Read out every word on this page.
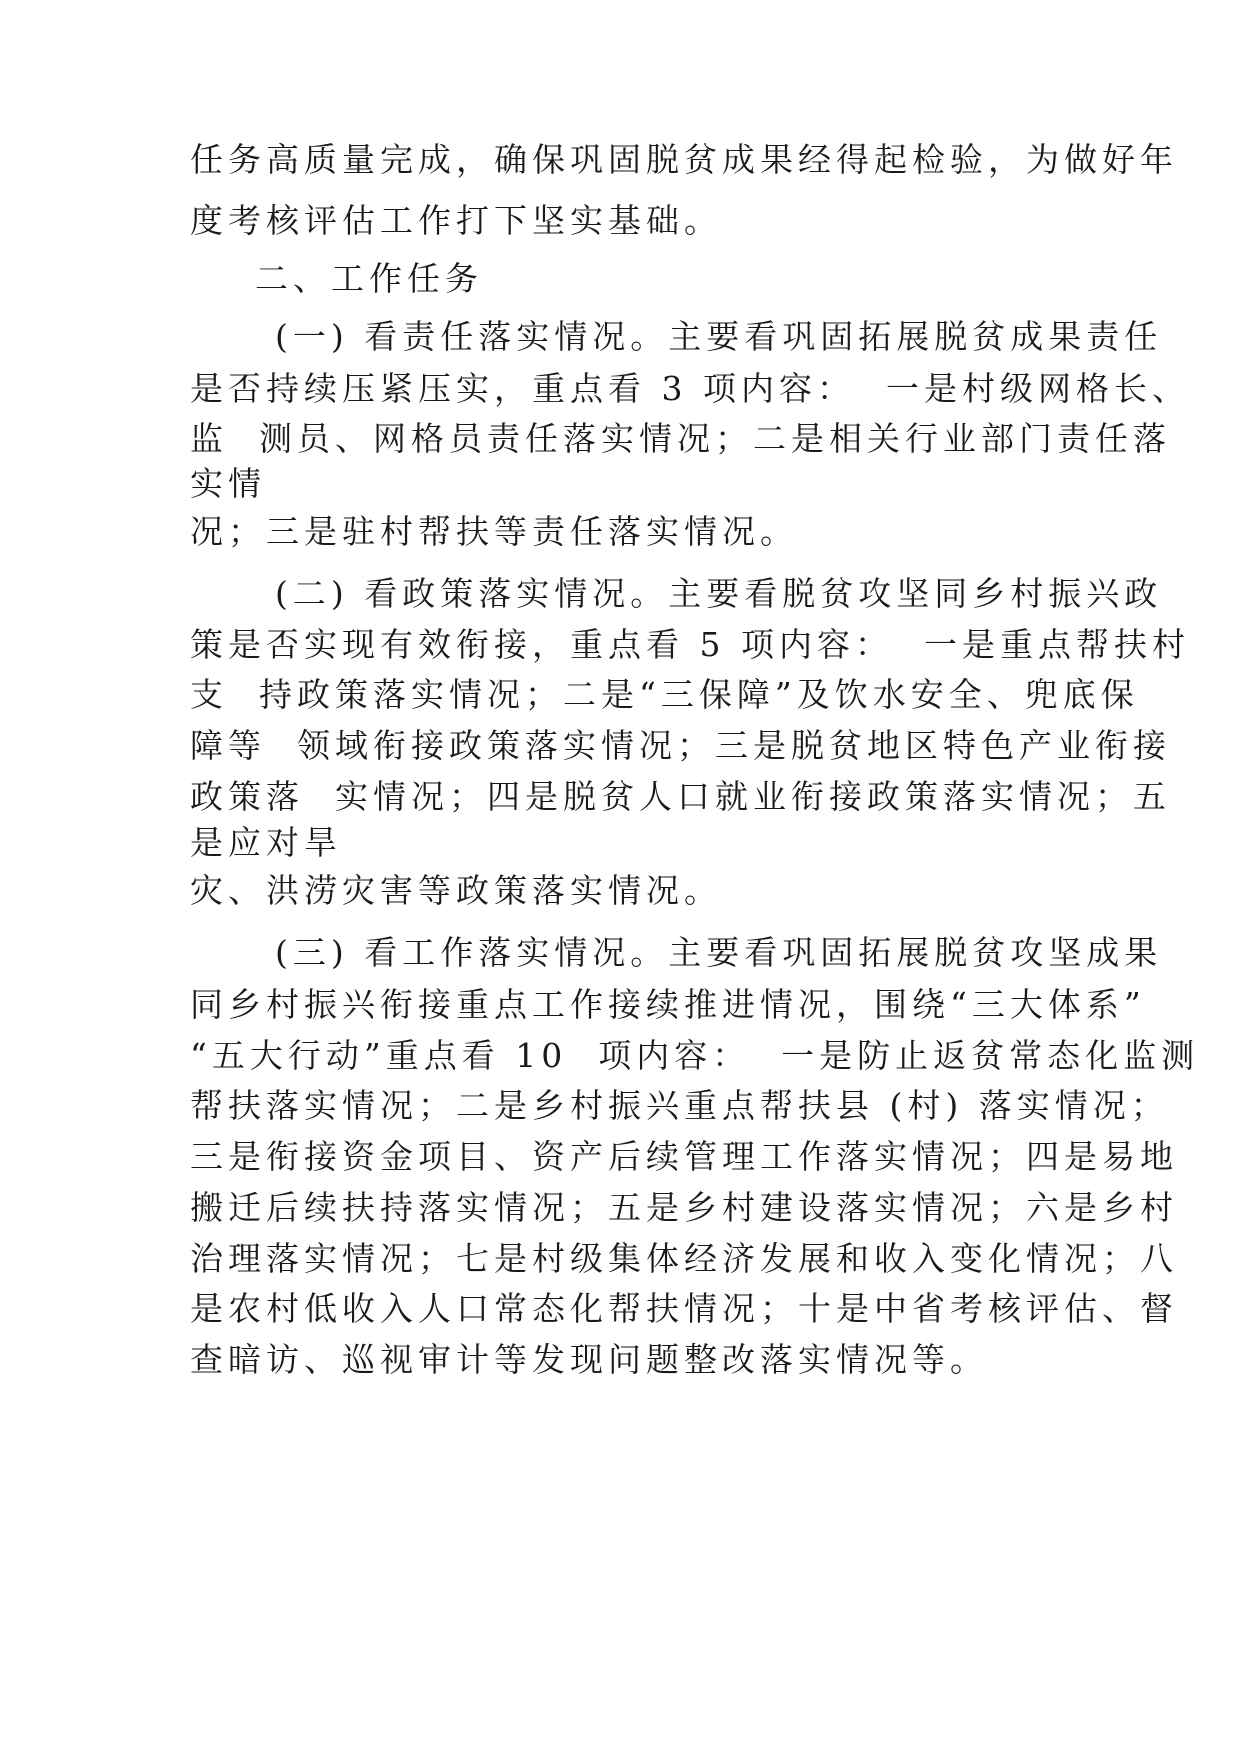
任务高质量完成，确保巩固脱贫成果经得起检验，为做好年
度考核评估工作打下坚实基础。
二、工作任务
(一) 看责任落实情况。主要看巩固拓展脱贫成果责任
是否持续压紧压实，重点看 3 项内容：  一是村级网格长、
监  测员、网格员责任落实情况；二是相关行业部门责任落
实情
况；三是驻村帮扶等责任落实情况。
(二) 看政策落实情况。主要看脱贫攻坚同乡村振兴政
策是否实现有效衔接，重点看 5 项内容：  一是重点帮扶村
支  持政策落实情况；二是“三保障”及饮水安全、兜底保
障等  领域衔接政策落实情况；三是脱贫地区特色产业衔接
政策落  实情况；四是脱贫人口就业衔接政策落实情况；五
是应对旱
灾、洪涝灾害等政策落实情况。
(三) 看工作落实情况。主要看巩固拓展脱贫攻坚成果
同乡村振兴衔接重点工作接续推进情况，围绕“三大体系”
“五大行动”重点看 10  项内容：  一是防止返贫常态化监测
帮扶落实情况；二是乡村振兴重点帮扶县 (村) 落实情况；
三是衔接资金项目、资产后续管理工作落实情况；四是易地
搬迁后续扶持落实情况；五是乡村建设落实情况；六是乡村
治理落实情况；七是村级集体经济发展和收入变化情况；八
是农村低收入人口常态化帮扶情况；十是中省考核评估、督
查暗访、巡视审计等发现问题整改落实情况等。
